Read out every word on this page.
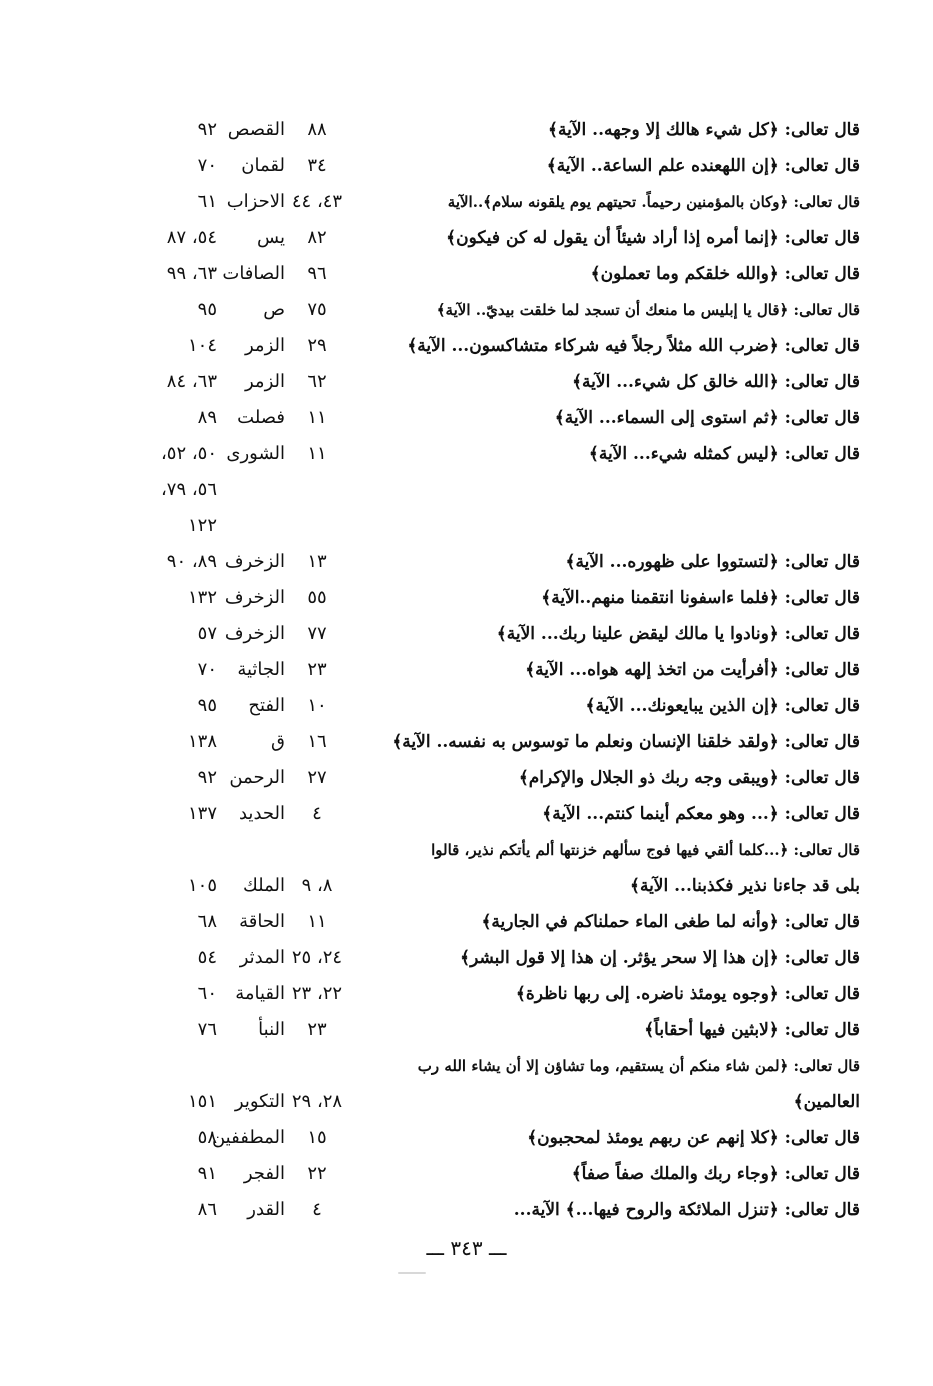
قال تعالى: ﴿كل شيء هالك إلا وجهه.. الآية﴾
٨٨
القصص
٩٢
قال تعالى: ﴿إن اللهعنده علم الساعة.. الآية﴾
٣٤
لقمان
٧٠
قال تعالى: ﴿وكان بالمؤمنين رحيماً. تحيتهم يوم يلقونه سلام﴾..الآية
٤٣، ٤٤
الاحزاب
٦١
قال تعالى: ﴿إنما أمره إذا أراد شيئاً أن يقول له كن فيكون﴾
٨٢
يس
٥٤، ٨٧
قال تعالى: ﴿والله خلقكم وما تعملون﴾
٩٦
الصافات
٦٣، ٩٩
قال تعالى: ﴿قال يا إبليس ما منعك أن تسجد لما خلقت بيديّ.. الآية﴾
٧٥
ص
٩٥
قال تعالى: ﴿ضرب الله مثلاً رجلاً فيه شركاء متشاكسون... الآية﴾
٢٩
الزمر
١٠٤
قال تعالى: ﴿الله خالق كل شيء... الآية﴾
٦٢
الزمر
٦٣، ٨٤
قال تعالى: ﴿ثم استوى إلى السماء... الآية﴾
١١
فصلت
٨٩
قال تعالى: ﴿ليس كمثله شيء... الآية﴾
١١
الشورى
٥٠، ٥٢،
٥٦، ٧٩،
١٢٢
قال تعالى: ﴿لتستووا على ظهوره... الآية﴾
١٣
الزخرف
٨٩، ٩٠
قال تعالى: ﴿فلما ءاسفونا انتقمنا منهم..الآية﴾
٥٥
الزخرف
١٣٢
قال تعالى: ﴿ونادوا يا مالك ليقض علينا ربك... الآية﴾
٧٧
الزخرف
٥٧
قال تعالى: ﴿أفرأيت من اتخذ إلهه هواه... الآية﴾
٢٣
الجاثية
٧٠
قال تعالى: ﴿إن الذين يبايعونك... الآية﴾
١٠
الفتح
٩٥
قال تعالى: ﴿ولقد خلقنا الإنسان ونعلم ما توسوس به نفسه.. الآية﴾
١٦
ق
١٣٨
قال تعالى: ﴿ويبقى وجه ربك ذو الجلال والإكرام﴾
٢٧
الرحمن
٩٢
قال تعالى: ﴿... وهو معكم أينما كنتم... الآية﴾
٤
الحديد
١٣٧
قال تعالى: ﴿...كلما ألقي فيها فوج سألهم خزنتها ألم يأتكم نذير، قالوا
بلى قد جاءنا نذير فكذبنا... الآية﴾
٨، ٩
الملك
١٠٥
قال تعالى: ﴿وأنه لما طغى الماء حملناكم في الجارية﴾
١١
الحاقة
٦٨
قال تعالى: ﴿إن هذا إلا سحر يؤثر. إن هذا إلا قول البشر﴾
٢٤، ٢٥
المدثر
٥٤
قال تعالى: ﴿وجوه يومئذ ناضره. إلى ربها ناظرة﴾
٢٢، ٢٣
القيامة
٦٠
قال تعالى: ﴿لابثين فيها أحقاباً﴾
٢٣
النبأ
٧٦
قال تعالى: ﴿لمن شاء منكم أن يستقيم، وما تشاؤن إلا أن يشاء الله رب
العالمين﴾
٢٨، ٢٩
التكوير
١٥١
قال تعالى: ﴿كلا إنهم عن ربهم يومئذ لمحجبون﴾
١٥
المطففين
٥٨
قال تعالى: ﴿وجاء ربك والملك صفاً صفاً﴾
٢٢
الفجر
٩١
قال تعالى: ﴿تنزل الملائكة والروح فيها...﴾ الآية...
٤
القدر
٨٦
ـــ ٣٤٣ ـــ
